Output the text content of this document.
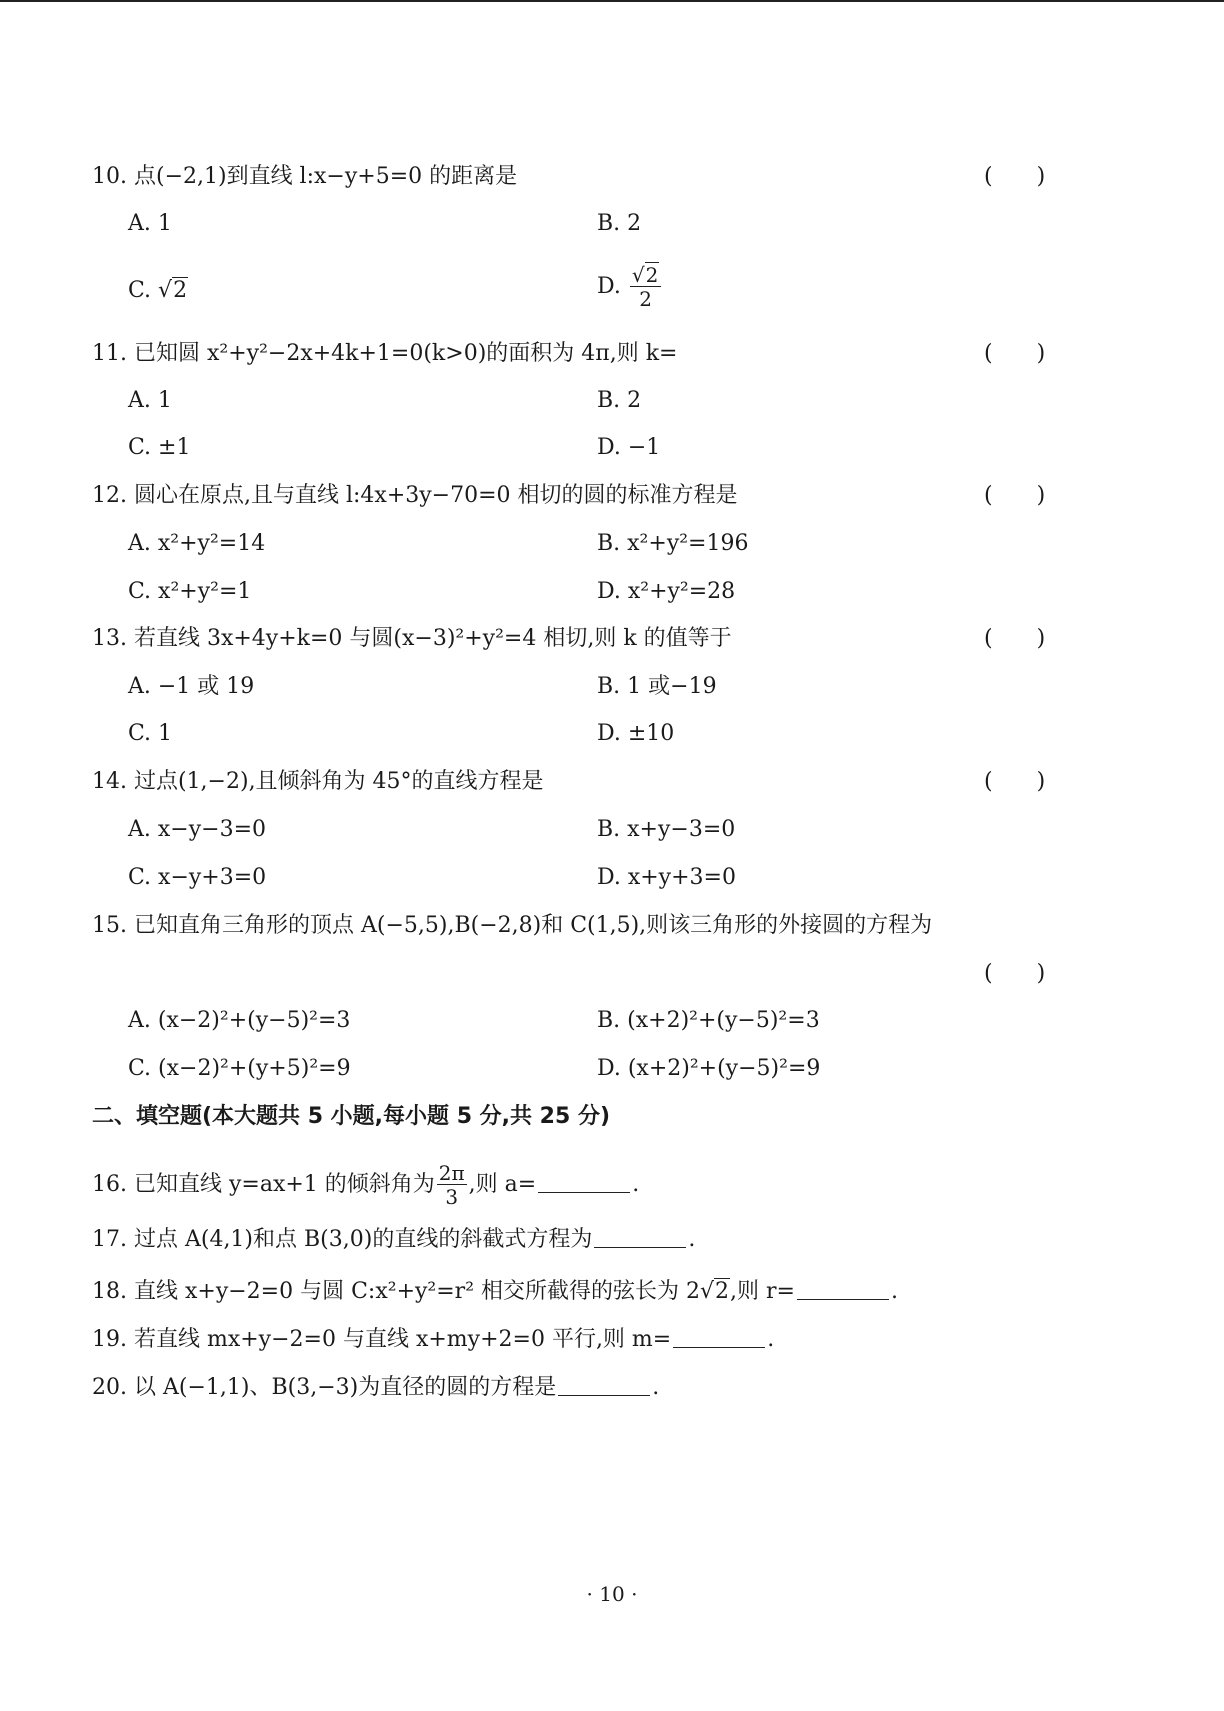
10. 点(−2,1)到直线 l:x−y+5=0 的距离是	(　　)
A. 1	B. 2
C. √2	D. $\frac{√2}{2}$
11. 已知圆 x²+y²−2x+4k+1=0(k>0)的面积为 4π,则 k=	(　　)
A. 1	B. 2
C. ±1	D. −1
12. 圆心在原点,且与直线 l:4x+3y−70=0 相切的圆的标准方程是	(　　)
A. x²+y²=14	B. x²+y²=196
C. x²+y²=1	D. x²+y²=28
13. 若直线 3x+4y+k=0 与圆(x−3)²+y²=4 相切,则 k 的值等于	(　　)
A. −1 或 19	B. 1 或−19
C. 1	D. ±10
14. 过点(1,−2),且倾斜角为 45°的直线方程是	(　　)
A. x−y−3=0	B. x+y−3=0
C. x−y+3=0	D. x+y+3=0
15. 已知直角三角形的顶点 A(−5,5),B(−2,8)和 C(1,5),则该三角形的外接圆的方程为
(　　)
A. (x−2)²+(y−5)²=3	B. (x+2)²+(y−5)²=3
C. (x−2)²+(y+5)²=9	D. (x+2)²+(y−5)²=9
二、填空题(本大题共 5 小题,每小题 5 分,共 25 分)
16. 已知直线 y=ax+1 的倾斜角为 $\frac{2\pi}{3}$ ,则 a=	.
17. 过点 A(4,1)和点 B(3,0)的直线的斜截式方程为	.
18. 直线 x+y−2=0 与圆 C:x²+y²=r² 相交所截得的弦长为 2√2,则 r=	.
19. 若直线 mx+y−2=0 与直线 x+my+2=0 平行,则 m=	.
20. 以 A(−1,1)、B(3,−3)为直径的圆的方程是	.
· 10 ·
